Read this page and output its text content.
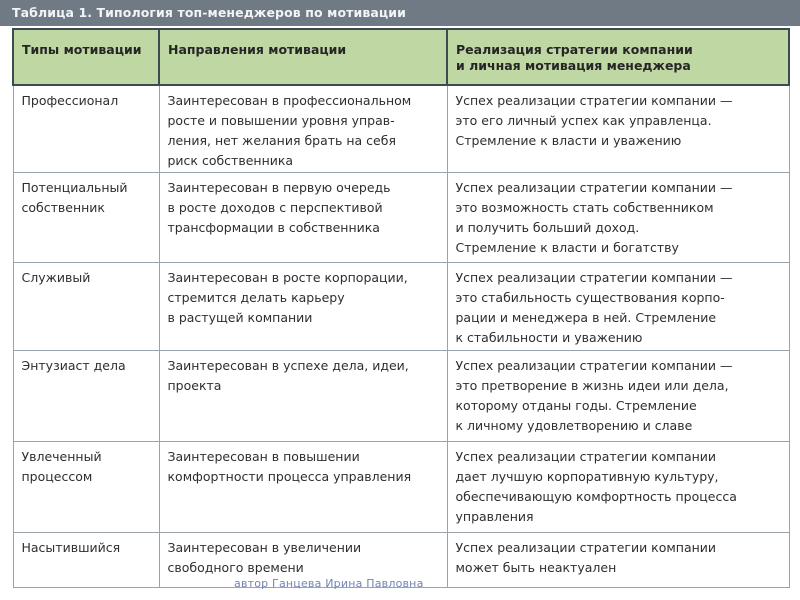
Таблица 1. Типология топ-менеджеров по мотивации
Типы мотивации	Направления мотивации	Реализация стратегии компании
и личная мотивация менеджера

Профессионал	Заинтересован в профессиональном
росте и повышении уровня управ-
ления, нет желания брать на себя
риск собственника	Успех реализации стратегии компании —
это его личный успех как управленца.
Стремление к власти и уважению

Потенциальный
собственник	Заинтересован в первую очередь
в росте доходов с перспективой
трансформации в собственника	Успех реализации стратегии компании —
это возможность стать собственником
и получить больший доход.
Стремление к власти и богатству

Служивый	Заинтересован в росте корпорации,
стремится делать карьеру
в растущей компании	Успех реализации стратегии компании —
это стабильность существования корпо-
рации и менеджера в ней. Стремление
к стабильности и уважению

Энтузиаст дела	Заинтересован в успехе дела, идеи,
проекта	Успех реализации стратегии компании —
это претворение в жизнь идеи или дела,
которому отданы годы. Стремление
к личному удовлетворению и славе

Увлеченный
процессом	Заинтересован в повышении
комфортности процесса управления	Успех реализации стратегии компании
дает лучшую корпоративную культуру,
обеспечивающую комфортность процесса
управления

Насытившийся	Заинтересован в увеличении
свободного времени	Успех реализации стратегии компании
может быть неактуален
автор Ганцева Ирина Павловна
